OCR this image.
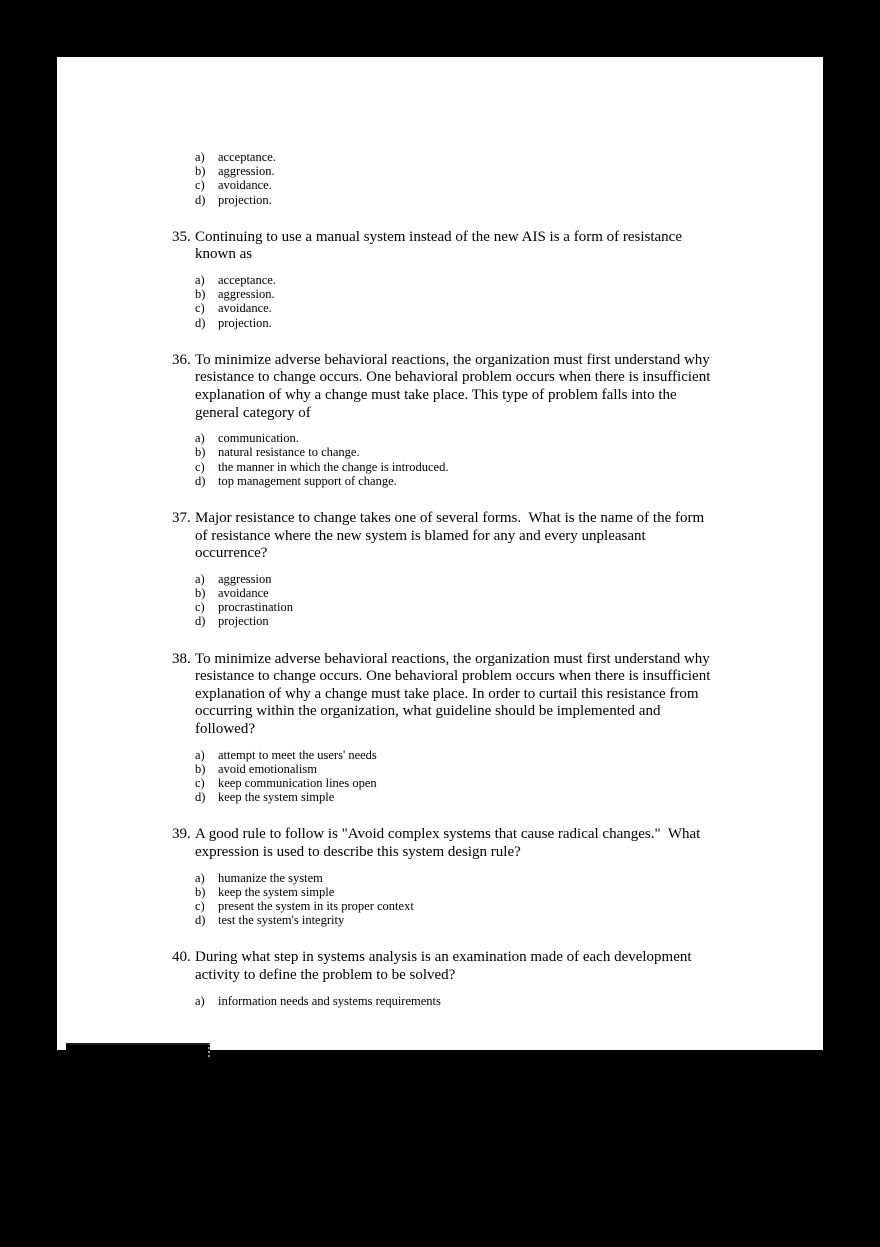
a)	acceptance.
b)	aggression.
c)	avoidance.
d)	projection.
35. Continuing to use a manual system instead of the new AIS is a form of resistance known as
a)	acceptance.
b)	aggression.
c)	avoidance.
d)	projection.
36. To minimize adverse behavioral reactions, the organization must first understand why resistance to change occurs. One behavioral problem occurs when there is insufficient explanation of why a change must take place. This type of problem falls into the general category of
a)	communication.
b)	natural resistance to change.
c)	the manner in which the change is introduced.
d)	top management support of change.
37. Major resistance to change takes one of several forms.  What is the name of the form of resistance where the new system is blamed for any and every unpleasant occurrence?
a)	aggression
b)	avoidance
c)	procrastination
d)	projection
38. To minimize adverse behavioral reactions, the organization must first understand why resistance to change occurs. One behavioral problem occurs when there is insufficient explanation of why a change must take place. In order to curtail this resistance from occurring within the organization, what guideline should be implemented and followed?
a)	attempt to meet the users' needs
b)	avoid emotionalism
c)	keep communication lines open
d)	keep the system simple
39. A good rule to follow is "Avoid complex systems that cause radical changes."  What expression is used to describe this system design rule?
a)	humanize the system
b)	keep the system simple
c)	present the system in its proper context
d)	test the system's integrity
40. During what step in systems analysis is an examination made of each development activity to define the problem to be solved?
a)	information needs and systems requirements
